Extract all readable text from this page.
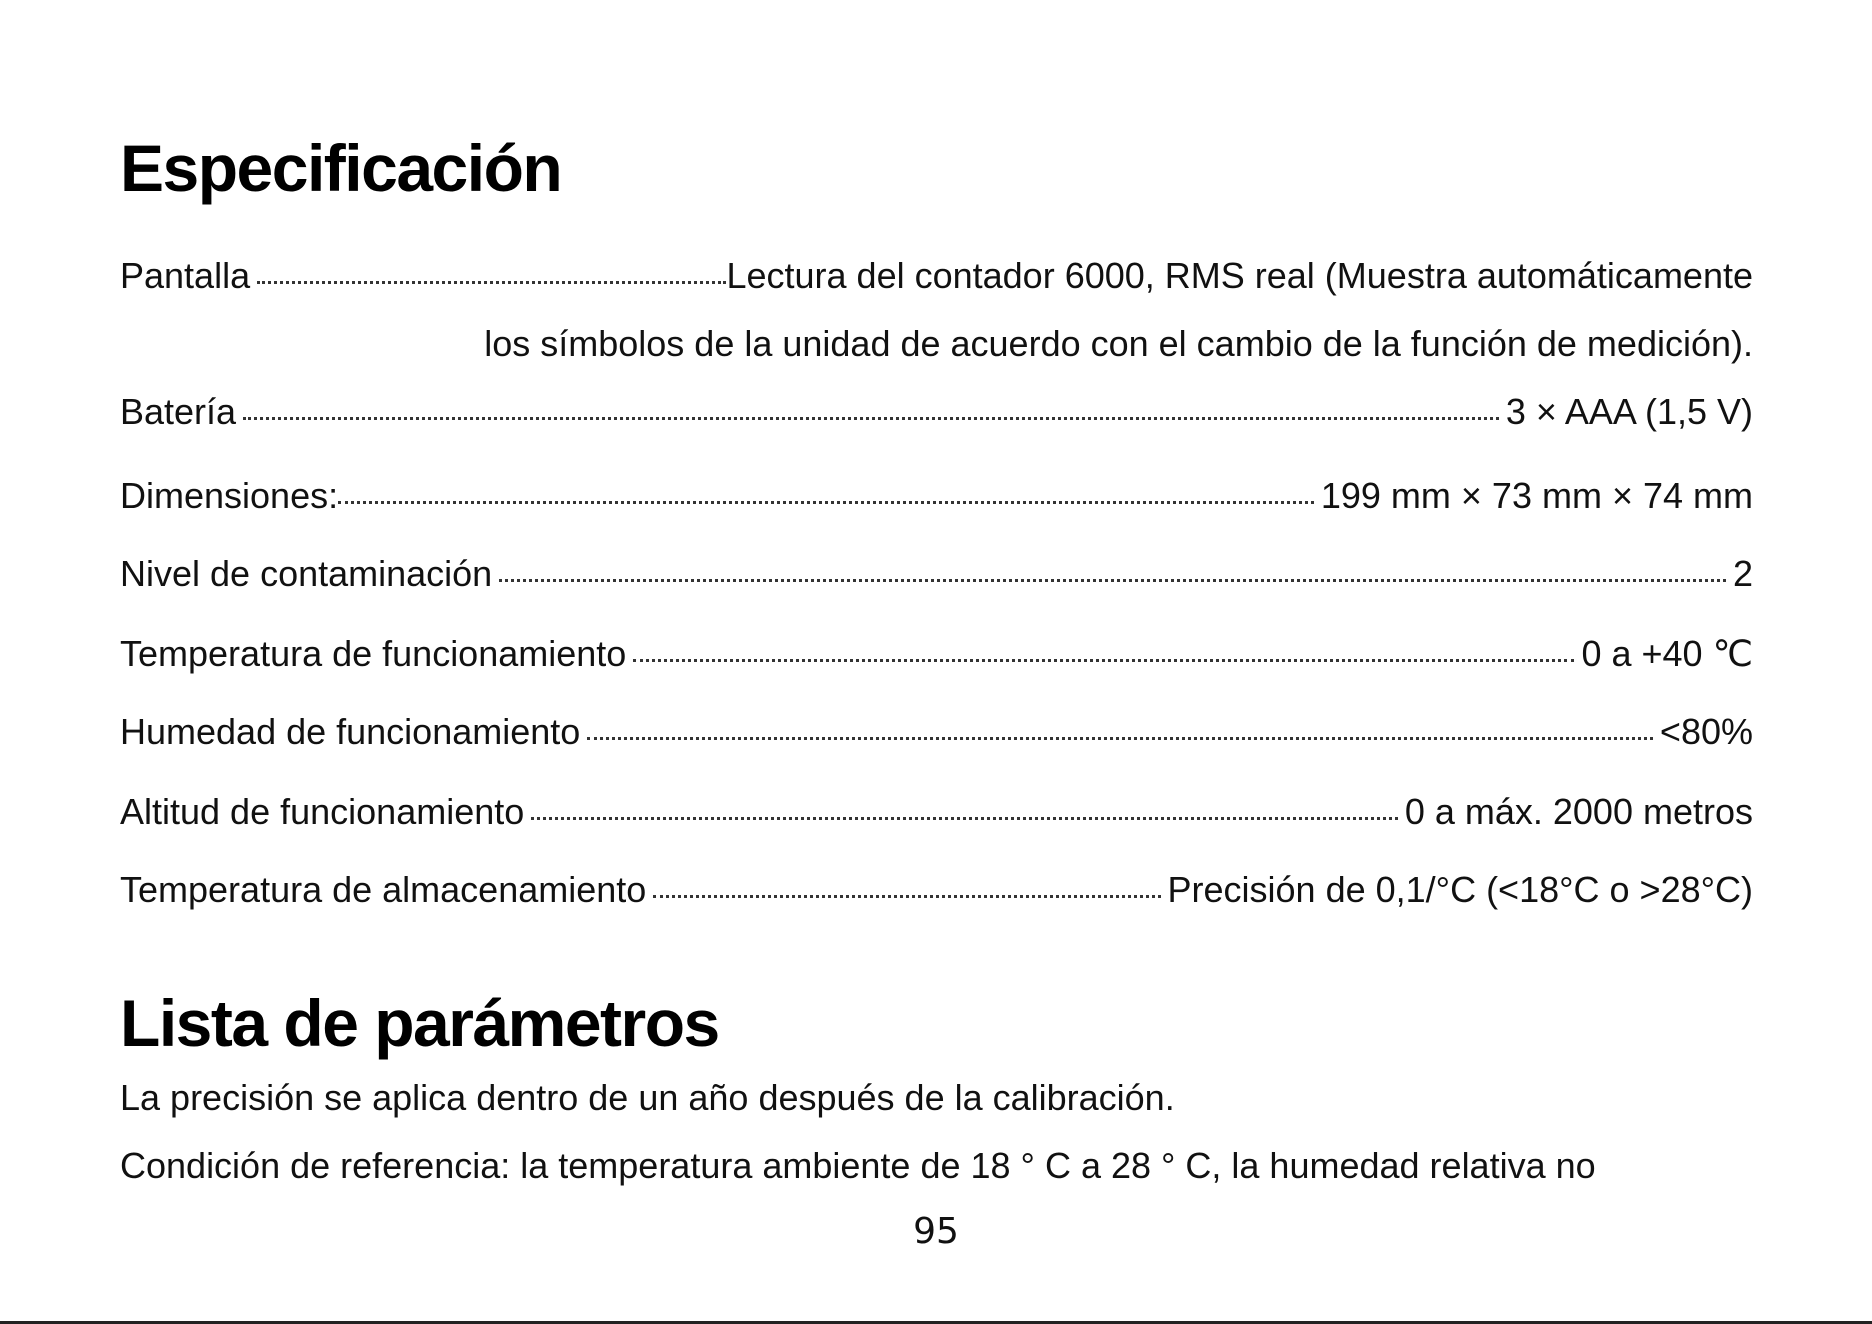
Especificación
Pantalla	Lectura del contador 6000, RMS real (Muestra automáticamente
los símbolos de la unidad de acuerdo con el cambio de la función de medición).
Batería	3 × AAA (1,5 V)
Dimensiones:	199 mm × 73 mm × 74 mm
Nivel de contaminación	2
Temperatura de funcionamiento	0 a +40 ℃
Humedad de funcionamiento	<80%
Altitud de funcionamiento	0 a máx. 2000 metros
Temperatura de almacenamiento	Precisión de 0,1/°C (<18°C o >28°C)
Lista de parámetros

La precisión se aplica dentro de un año después de la calibración.

Condición de referencia: la temperatura ambiente de 18 ° C a 28 ° C, la humedad relativa no

95
